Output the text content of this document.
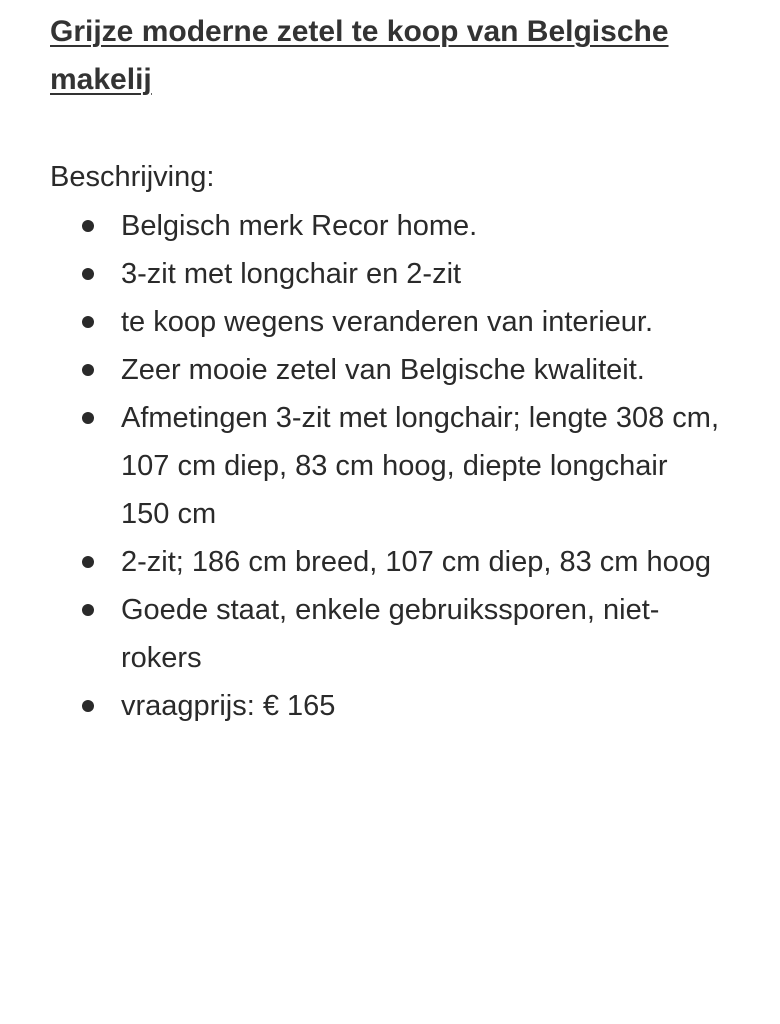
Grijze moderne zetel te koop van Belgische makelij
Beschrijving:
Belgisch merk Recor home.
3-zit met longchair en 2-zit
te koop wegens veranderen van interieur.
Zeer mooie zetel van Belgische kwaliteit.
Afmetingen 3-zit met longchair; lengte 308 cm, 107 cm diep, 83 cm hoog, diepte longchair 150 cm
2-zit; 186 cm breed, 107 cm diep, 83 cm hoog
Goede staat, enkele gebruikssporen, niet-rokers
vraagprijs: € 165
